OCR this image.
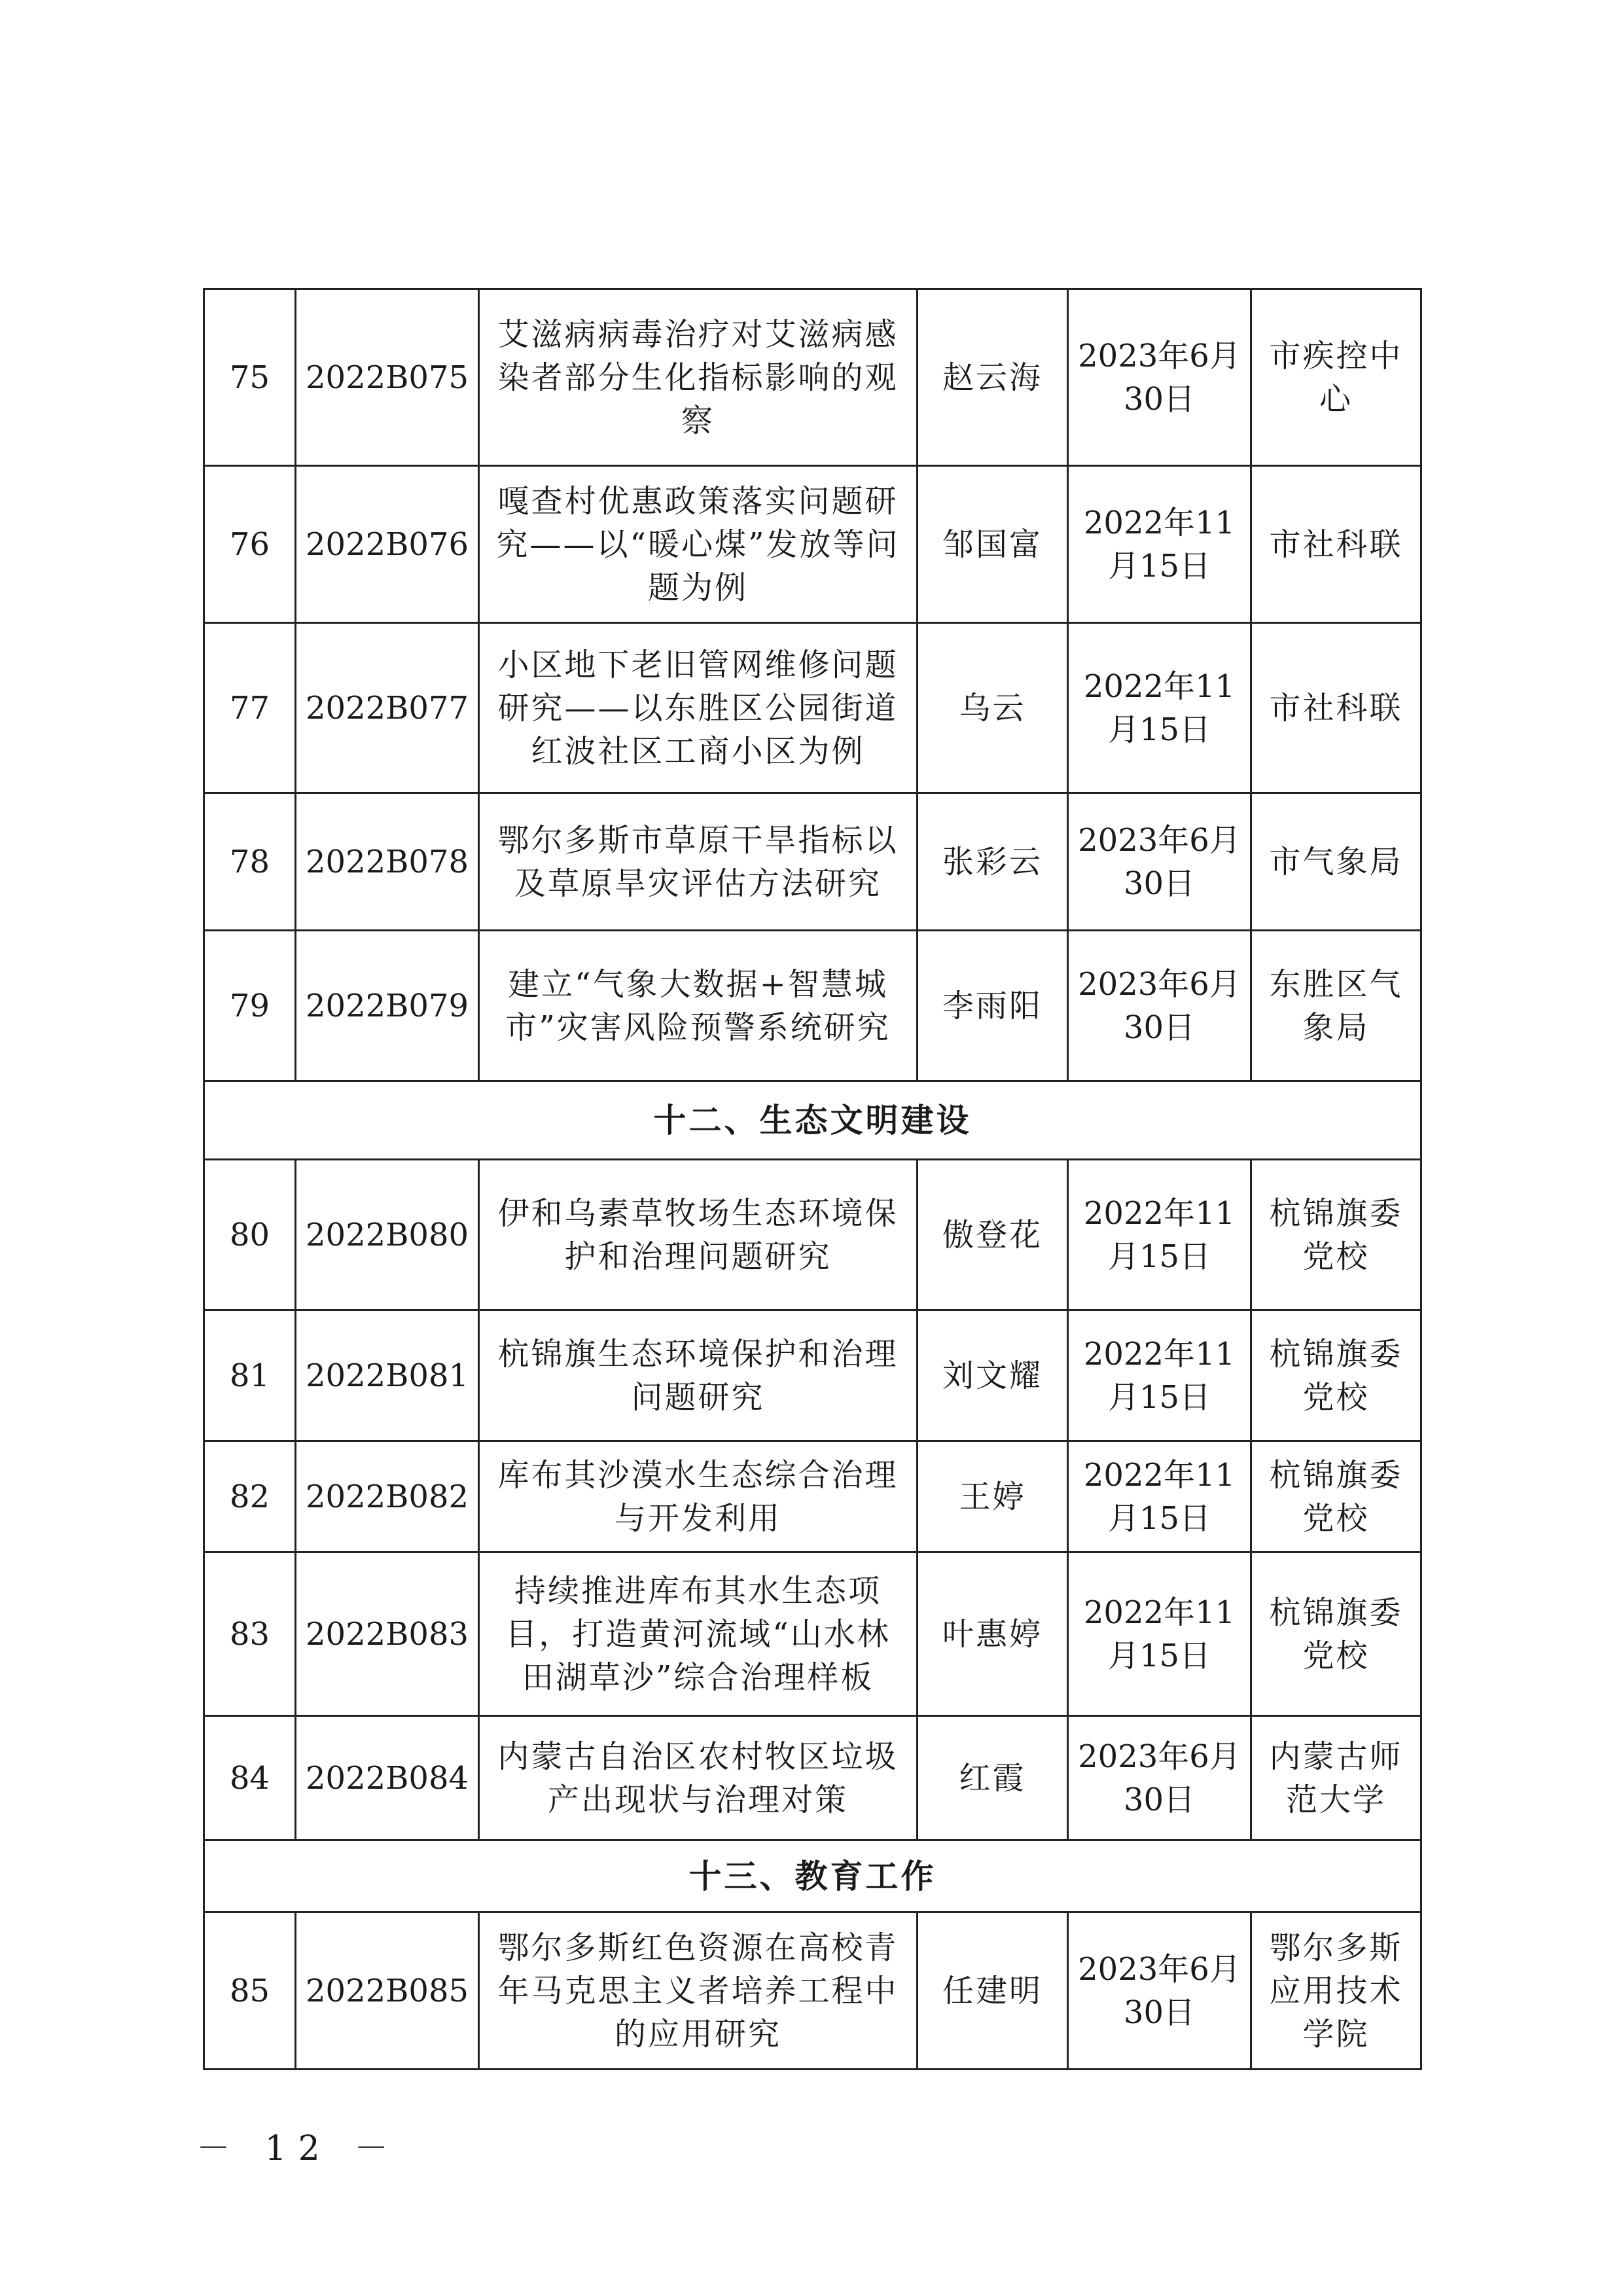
75	2022B075	艾滋病病毒治疗对艾滋病感染者部分生化指标影响的观察	赵云海	2023年6月30日	市疾控中心
76	2022B076	嘎查村优惠政策落实问题研究——以“暖心煤”发放等问题为例	邹国富	2022年11月15日	市社科联
77	2022B077	小区地下老旧管网维修问题研究——以东胜区公园街道红波社区工商小区为例	乌云	2022年11月15日	市社科联
78	2022B078	鄂尔多斯市草原干旱指标以及草原旱灾评估方法研究	张彩云	2023年6月30日	市气象局
79	2022B079	建立“气象大数据+智慧城市”灾害风险预警系统研究	李雨阳	2023年6月30日	东胜区气象局
十二、生态文明建设					
80	2022B080	伊和乌素草牧场生态环境保护和治理问题研究	傲登花	2022年11月15日	杭锦旗委党校
81	2022B081	杭锦旗生态环境保护和治理问题研究	刘文耀	2022年11月15日	杭锦旗委党校
82	2022B082	库布其沙漠水生态综合治理与开发利用	王婷	2022年11月15日	杭锦旗委党校
83	2022B083	持续推进库布其水生态项目，打造黄河流域“山水林田湖草沙”综合治理样板	叶惠婷	2022年11月15日	杭锦旗委党校
84	2022B084	内蒙古自治区农村牧区垃圾产出现状与治理对策	红霞	2023年6月30日	内蒙古师范大学
十三、教育工作					
85	2022B085	鄂尔多斯红色资源在高校青年马克思主义者培养工程中的应用研究	任建明	2023年6月30日	鄂尔多斯应用技术学院
－ 12 －
